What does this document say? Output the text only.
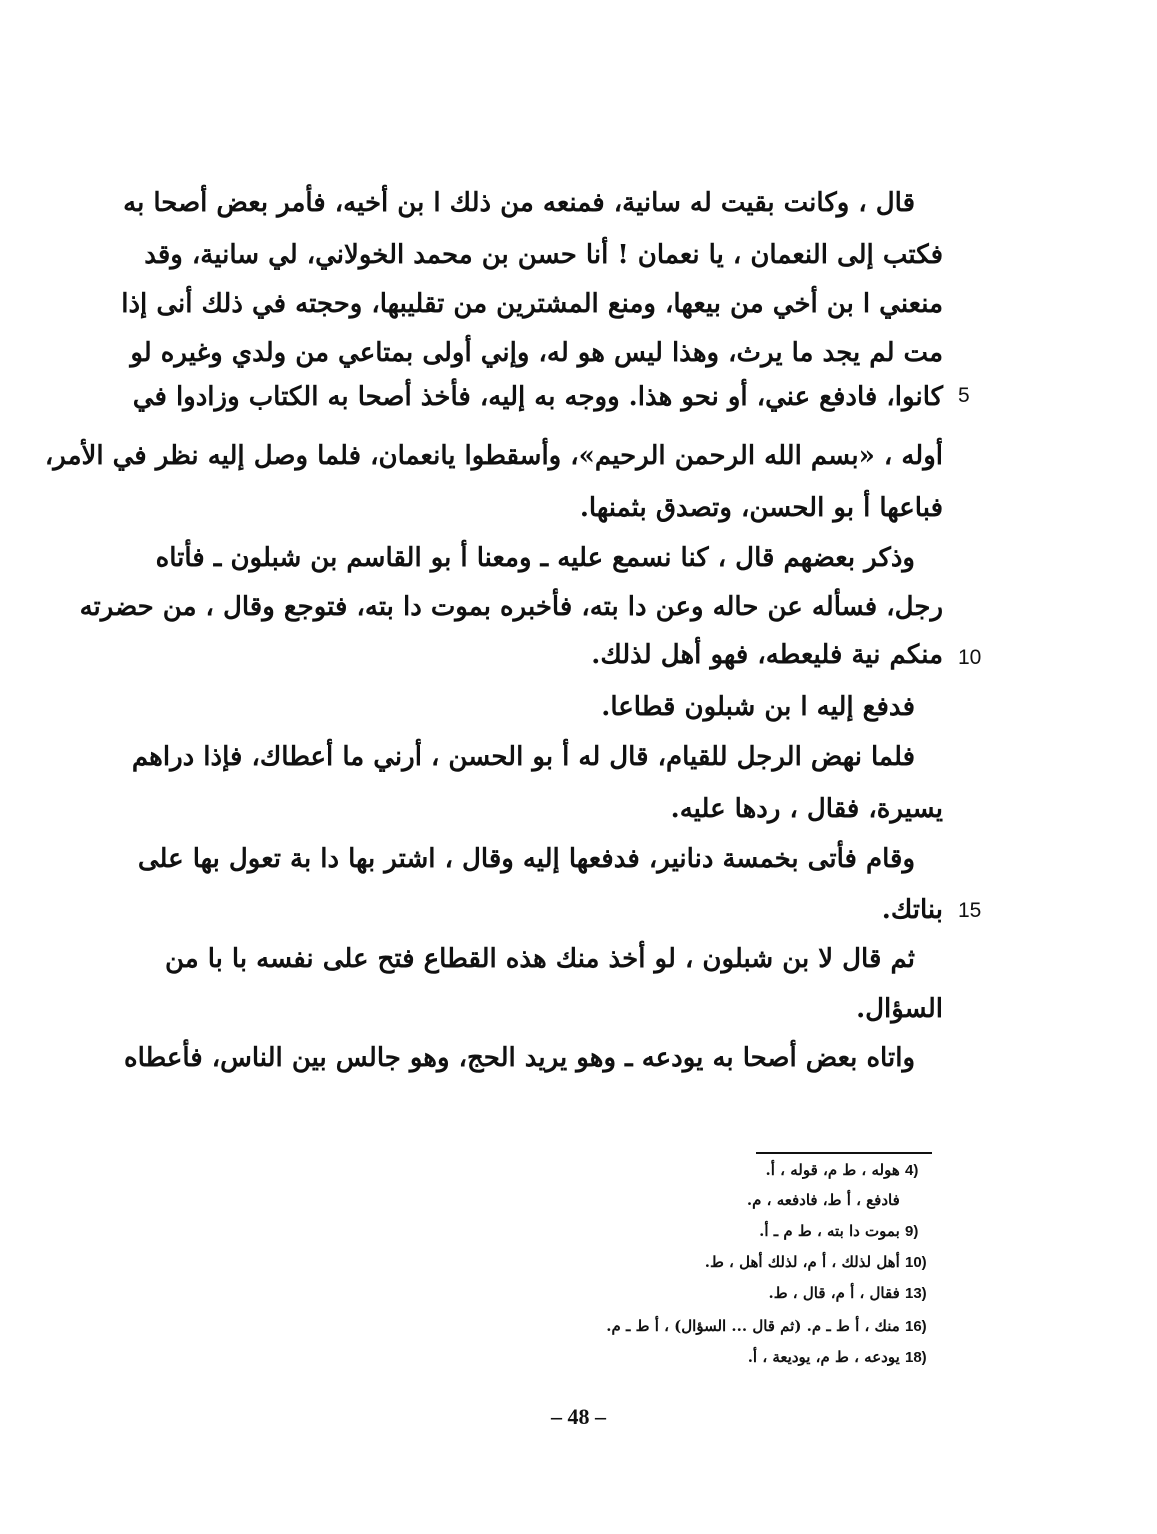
قال ، وكانت بقيت له سانية، فمنعه من ذلك ا بن أخيه، فأمر بعض أصحا به
فكتب إلى النعمان ، يا نعمان ! أنا حسن بن محمد الخولاني، لي سانية، وقد
منعني ا بن أخي من بيعها، ومنع المشترين من تقليبها، وحجته في ذلك أنى إذا
مت لم يجد ما يرث، وهذا ليس هو له، وإني أولى بمتاعي من ولدي وغيره لو
كانوا، فادفع عني، أو نحو هذا. ووجه به إليه، فأخذ أصحا به الكتاب وزادوا في
أوله ، «بسم الله الرحمن الرحيم»، وأسقطوا يانعمان، فلما وصل إليه نظر في الأمر،
فباعها أ بو الحسن، وتصدق بثمنها.
وذكر بعضهم قال ، كنا نسمع عليه ـ ومعنا أ بو القاسم بن شبلون ـ فأتاه
رجل، فسأله عن حاله وعن دا بته، فأخبره بموت دا بته، فتوجع وقال ، من حضرته
منكم نية فليعطه، فهو أهل لذلك.
فدفع إليه ا بن شبلون قطاعا.
فلما نهض الرجل للقيام، قال له أ بو الحسن ، أرني ما أعطاك، فإذا دراهم
يسيرة، فقال ، ردها عليه.
وقام فأتى بخمسة دنانير، فدفعها إليه وقال ، اشتر بها دا بة تعول بها على
بناتك.
ثم قال لا بن شبلون ، لو أخذ منك هذه القطاع فتح على نفسه با با من
السؤال.
واتاه بعض أصحا به يودعه ـ وهو يريد الحج، وهو جالس بين الناس، فأعطاه
5
10
15
4) هوله ، ط م، قوله ، أ.
فادفع ، أ ط، فادفعه ، م.
9) بموت دا بته ، ط م ـ أ.
10) أهل لذلك ، أ م، لذلك أهل ، ط.
13) فقال ، أ م، قال ، ط.
16) منك ، أ ط ـ م. (ثم قال ... السؤال) ، أ ط ـ م.
18) يودعه ، ط م، يوديعة ، أ.
– 48 –
